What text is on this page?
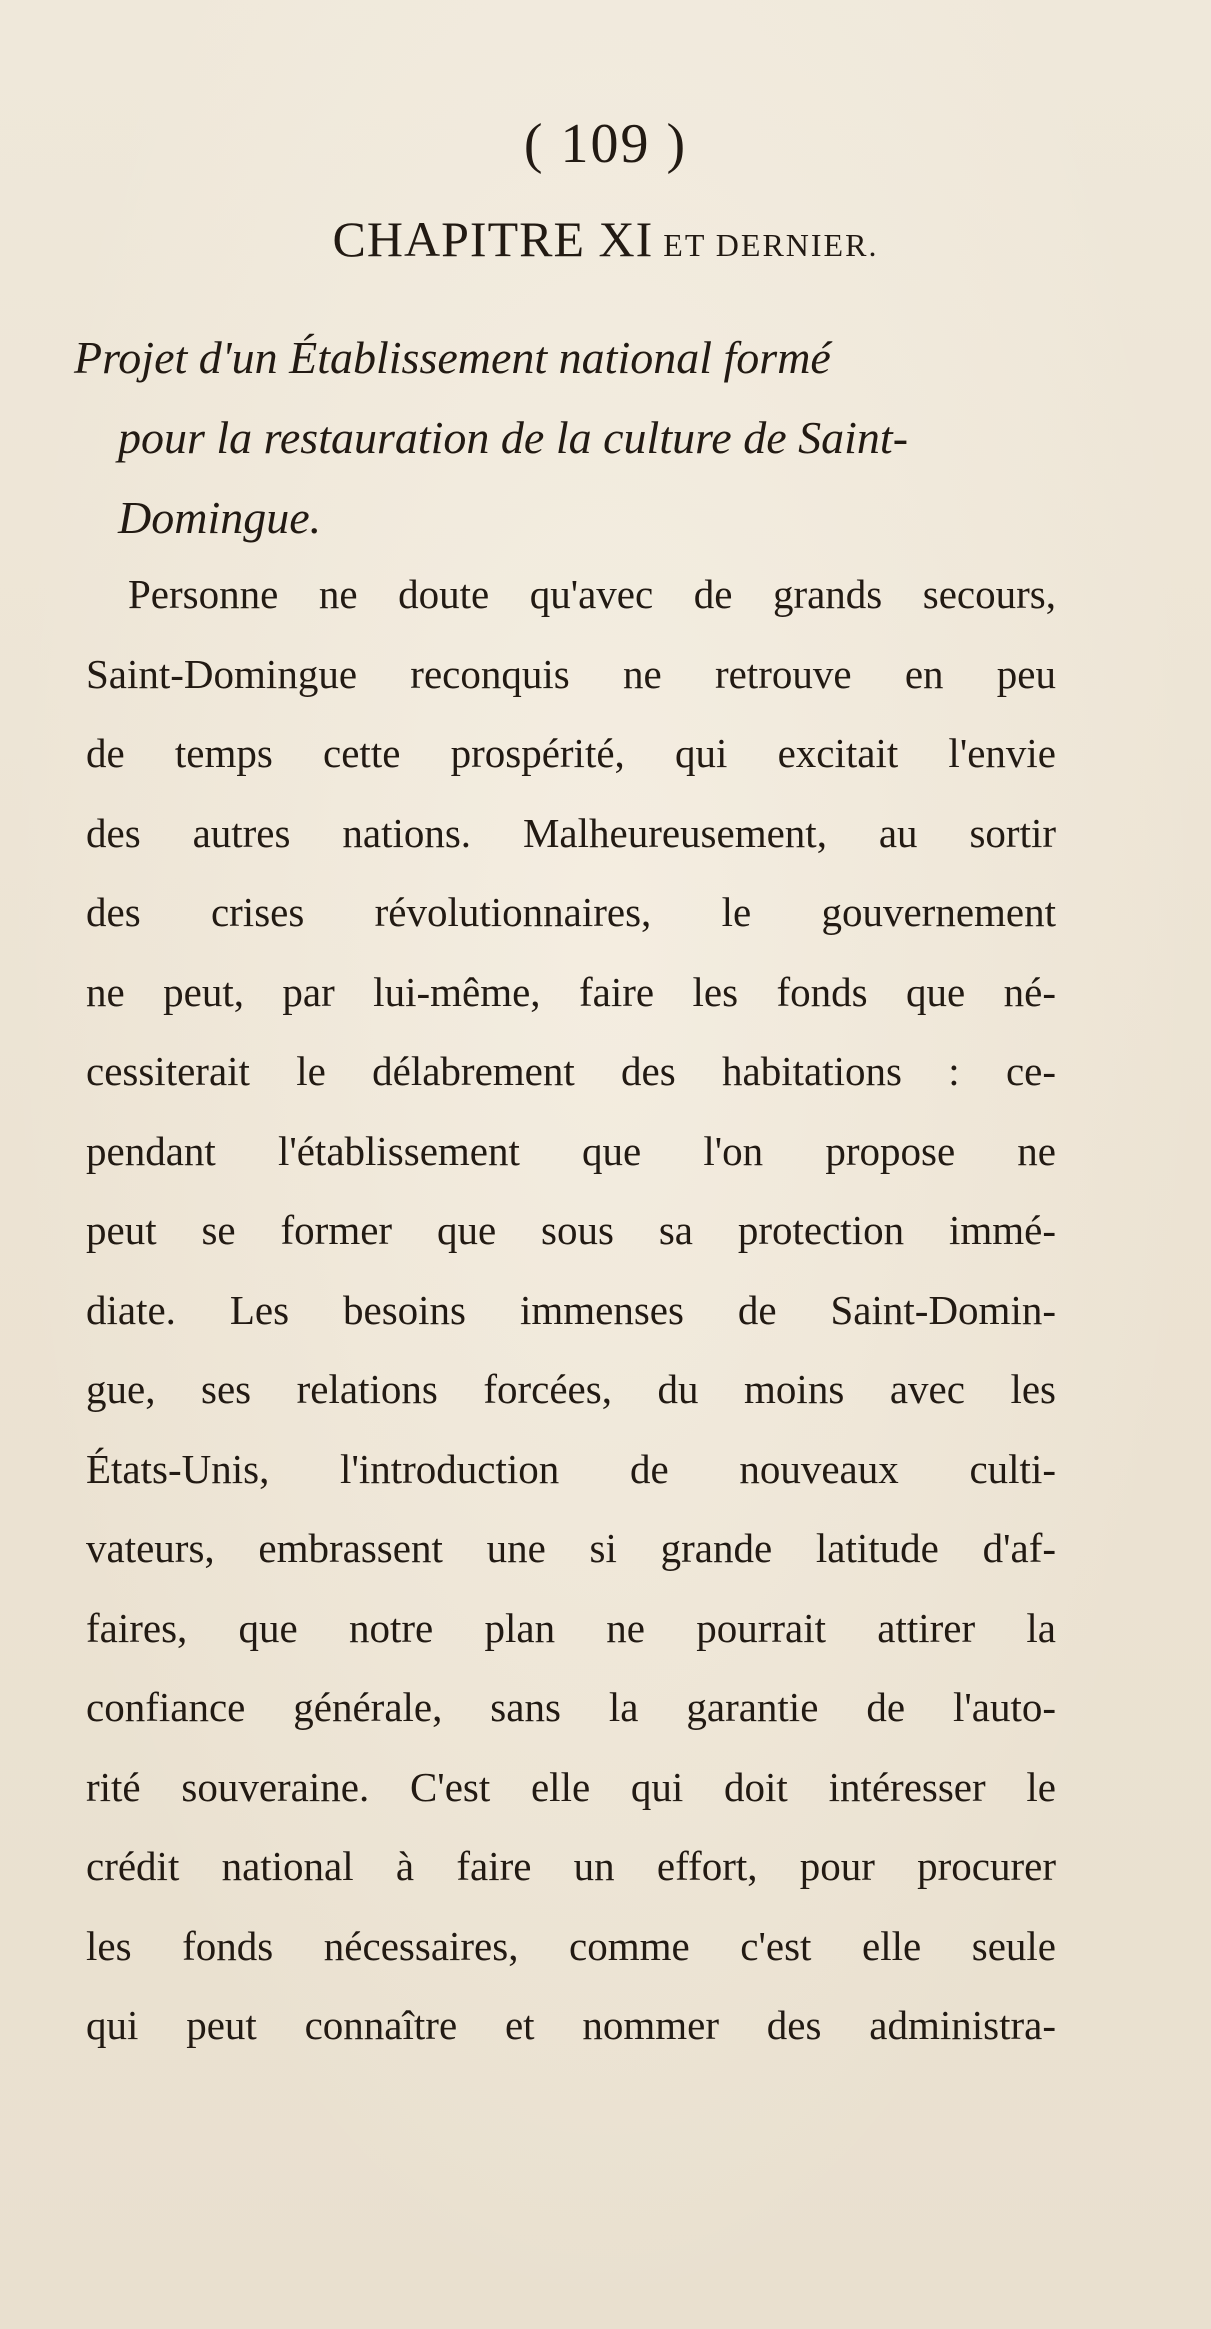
( 109 )
CHAPITRE XI ET DERNIER.
Projet d'un Établissement national formé
pour la restauration de la culture de Saint-
Domingue.
Personne ne doute qu'avec de grands secours,
Saint-Domingue reconquis ne retrouve en peu
de temps cette prospérité, qui excitait l'envie
des autres nations. Malheureusement, au sortir
des crises révolutionnaires, le gouvernement
ne peut, par lui-même, faire les fonds que né-
cessiterait le délabrement des habitations : ce-
pendant l'établissement que l'on propose ne
peut se former que sous sa protection immé-
diate. Les besoins immenses de Saint-Domin-
gue, ses relations forcées, du moins avec les
États-Unis, l'introduction de nouveaux culti-
vateurs, embrassent une si grande latitude d'af-
faires, que notre plan ne pourrait attirer la
confiance générale, sans la garantie de l'auto-
rité souveraine. C'est elle qui doit intéresser le
crédit national à faire un effort, pour procurer
les fonds nécessaires, comme c'est elle seule
qui peut connaître et nommer des administra-
